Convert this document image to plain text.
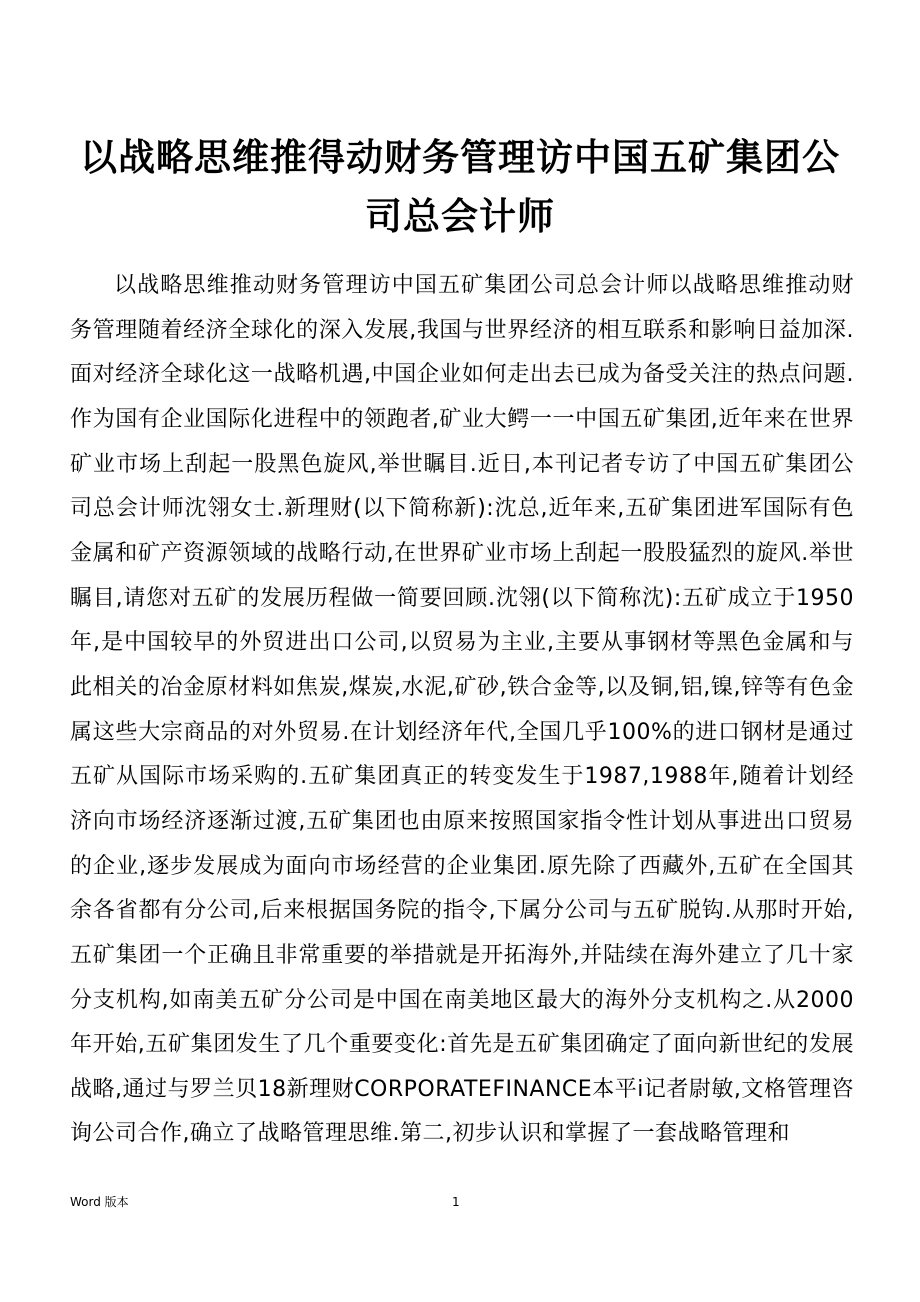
以战略思维推得动财务管理访中国五矿集团公司总会计师

以战略思维推动财务管理访中国五矿集团公司总会计师以战略思维推动财务管理随着经济全球化的深入发展,我国与世界经济的相互联系和影响日益加深.面对经济全球化这一战略机遇,中国企业如何走出去已成为备受关注的热点问题.作为国有企业国际化进程中的领跑者,矿业大鳄一一中国五矿集团,近年来在世界矿业市场上刮起一股黑色旋风,举世瞩目.近日,本刊记者专访了中国五矿集团公司总会计师沈翎女士.新理财(以下简称新):沈总,近年来,五矿集团进军国际有色金属和矿产资源领域的战略行动,在世界矿业市场上刮起一股股猛烈的旋风.举世瞩目,请您对五矿的发展历程做一简要回顾.沈翎(以下简称沈):五矿成立于1950年,是中国较早的外贸进出口公司,以贸易为主业,主要从事钢材等黑色金属和与此相关的冶金原材料如焦炭,煤炭,水泥,矿砂,铁合金等,以及铜,铝,镍,锌等有色金属这些大宗商品的对外贸易.在计划经济年代,全国几乎100%的进口钢材是通过五矿从国际市场采购的.五矿集团真正的转变发生于1987,1988年,随着计划经济向市场经济逐渐过渡,五矿集团也由原来按照国家指令性计划从事进出口贸易的企业,逐步发展成为面向市场经营的企业集团.原先除了西藏外,五矿在全国其余各省都有分公司,后来根据国务院的指令,下属分公司与五矿脱钩.从那时开始,五矿集团一个正确且非常重要的举措就是开拓海外,并陆续在海外建立了几十家分支机构,如南美五矿分公司是中国在南美地区最大的海外分支机构之.从2000年开始,五矿集团发生了几个重要变化:首先是五矿集团确定了面向新世纪的发展战略,通过与罗兰贝18新理财CORPORATEFINANCE本平i记者尉敏,文格管理咨询公司合作,确立了战略管理思维.第二,初步认识和掌握了一套战略管理和

Word 版本	1
